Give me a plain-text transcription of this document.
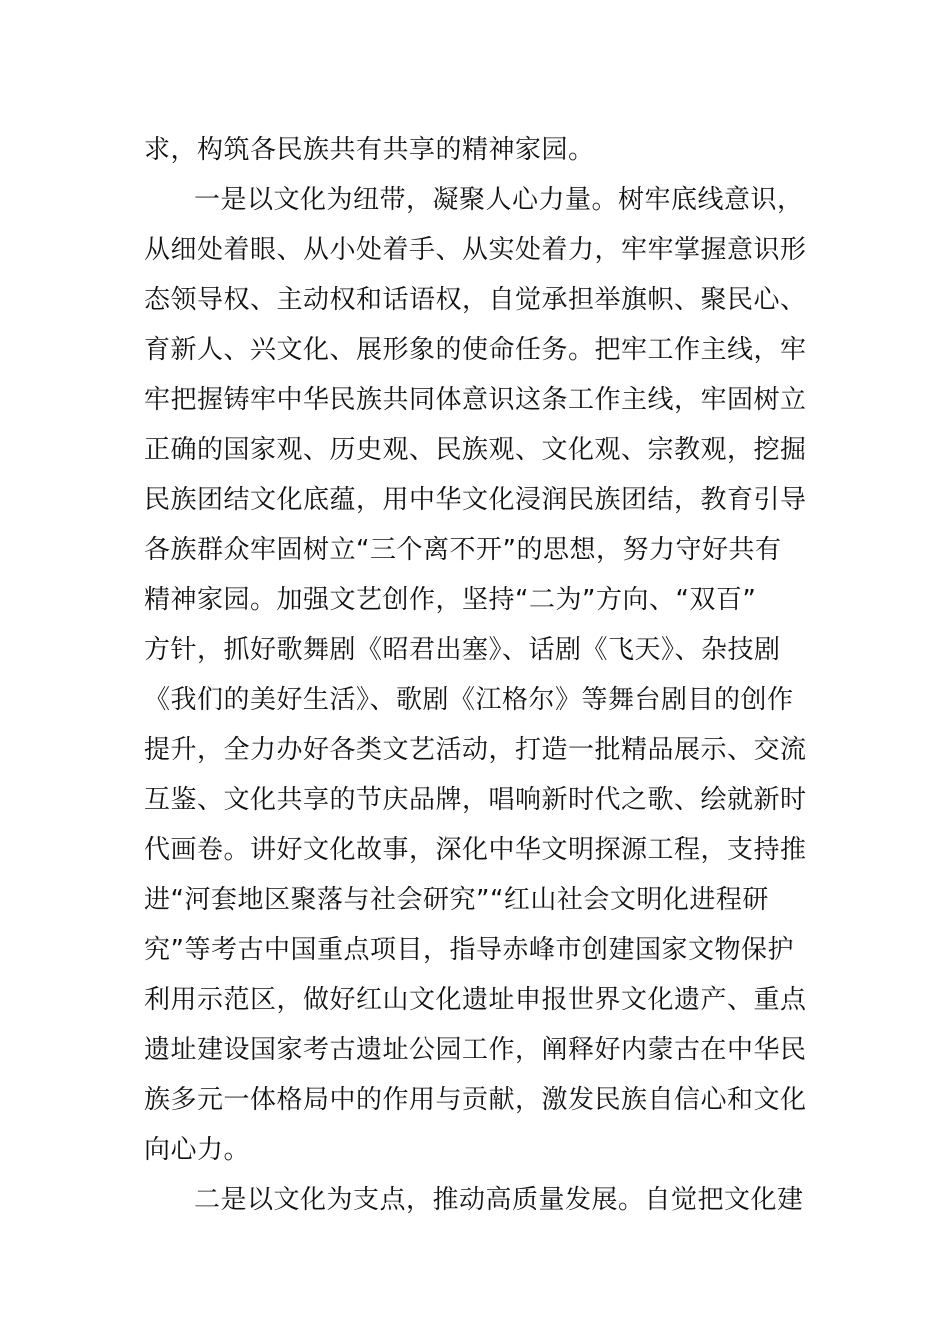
求，构筑各民族共有共享的精神家园。
一是以文化为纽带，凝聚人心力量。树牢底线意识，
从细处着眼、从小处着手、从实处着力，牢牢掌握意识形
态领导权、主动权和话语权，自觉承担举旗帜、聚民心、
育新人、兴文化、展形象的使命任务。把牢工作主线，牢
牢把握铸牢中华民族共同体意识这条工作主线，牢固树立
正确的国家观、历史观、民族观、文化观、宗教观，挖掘
民族团结文化底蕴，用中华文化浸润民族团结，教育引导
各族群众牢固树立“三个离不开”的思想，努力守好共有
精神家园。加强文艺创作，坚持“二为”方向、“双百”
方针，抓好歌舞剧《昭君出塞》、话剧《飞天》、杂技剧
《我们的美好生活》、歌剧《江格尔》等舞台剧目的创作
提升，全力办好各类文艺活动，打造一批精品展示、交流
互鉴、文化共享的节庆品牌，唱响新时代之歌、绘就新时
代画卷。讲好文化故事，深化中华文明探源工程，支持推
进“河套地区聚落与社会研究”“红山社会文明化进程研
究”等考古中国重点项目，指导赤峰市创建国家文物保护
利用示范区，做好红山文化遗址申报世界文化遗产、重点
遗址建设国家考古遗址公园工作，阐释好内蒙古在中华民
族多元一体格局中的作用与贡献，激发民族自信心和文化
向心力。
二是以文化为支点，推动高质量发展。自觉把文化建
